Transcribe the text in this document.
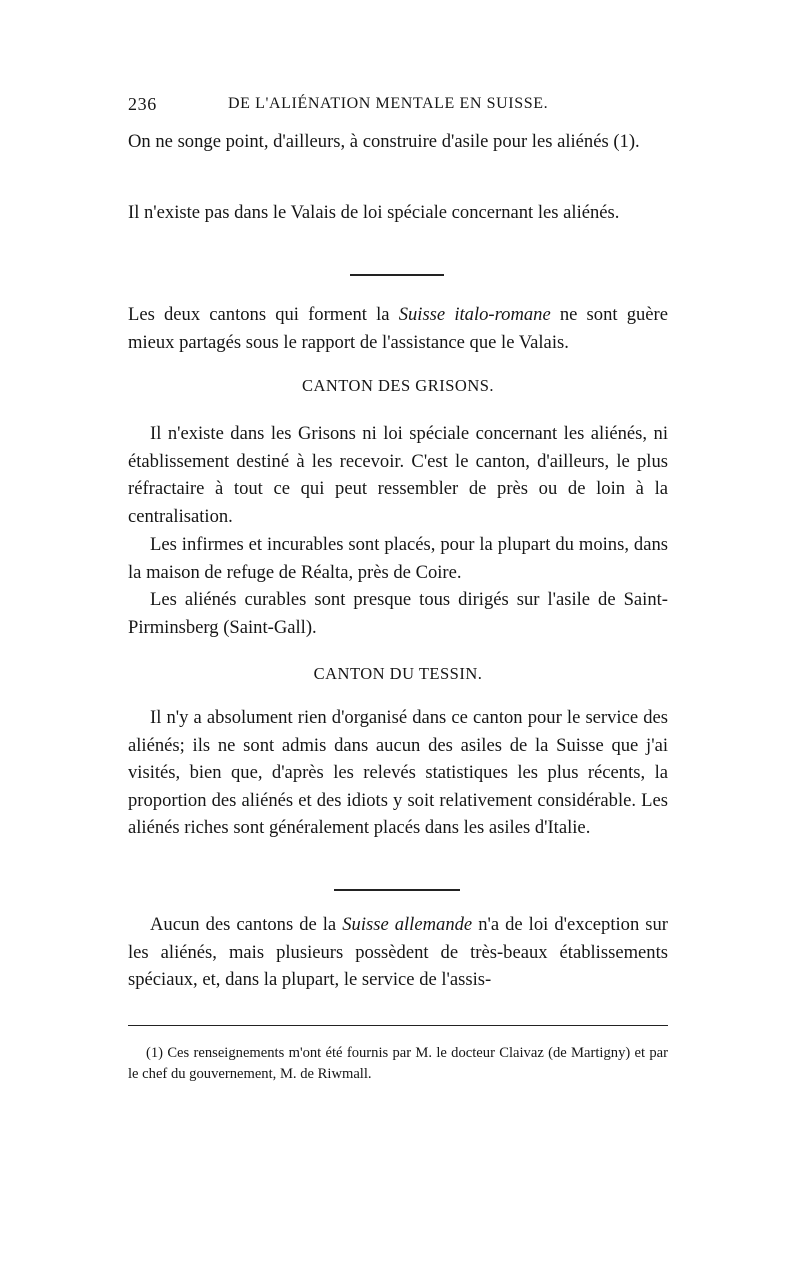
236	DE L'ALIÉNATION MENTALE EN SUISSE.
On ne songe point, d'ailleurs, à construire d'asile pour les aliénés (1).
Il n'existe pas dans le Valais de loi spéciale concernant les aliénés.
Les deux cantons qui forment la Suisse italo-romane ne sont guère mieux partagés sous le rapport de l'assistance que le Valais.
CANTON DES GRISONS.
Il n'existe dans les Grisons ni loi spéciale concernant les aliénés, ni établissement destiné à les recevoir. C'est le canton, d'ailleurs, le plus réfractaire à tout ce qui peut ressembler de près ou de loin à la centralisation.
Les infirmes et incurables sont placés, pour la plupart du moins, dans la maison de refuge de Réalta, près de Coire.
Les aliénés curables sont presque tous dirigés sur l'asile de Saint-Pirminsberg (Saint-Gall).
CANTON DU TESSIN.
Il n'y a absolument rien d'organisé dans ce canton pour le service des aliénés; ils ne sont admis dans aucun des asiles de la Suisse que j'ai visités, bien que, d'après les relevés statistiques les plus récents, la proportion des aliénés et des idiots y soit relativement considérable. Les aliénés riches sont généralement placés dans les asiles d'Italie.
Aucun des cantons de la Suisse allemande n'a de loi d'exception sur les aliénés, mais plusieurs possèdent de très-beaux établissements spéciaux, et, dans la plupart, le service de l'assis-
(1) Ces renseignements m'ont été fournis par M. le docteur Claivaz (de Martigny) et par le chef du gouvernement, M. de Riwmall.
